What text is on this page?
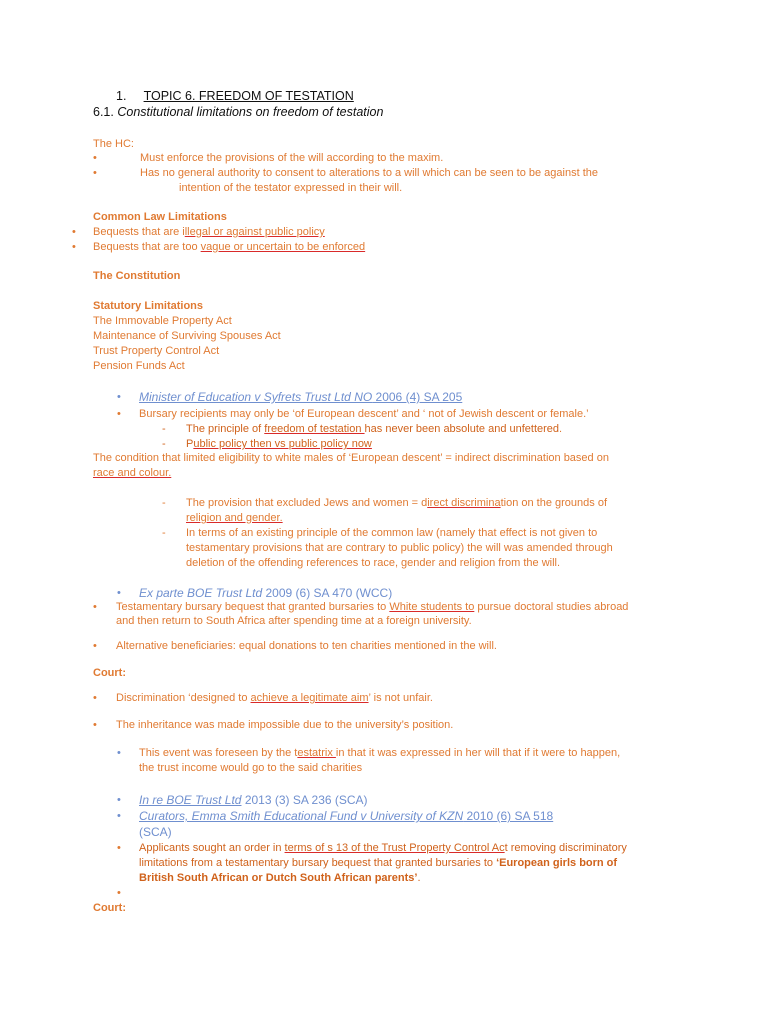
1. TOPIC 6. FREEDOM OF TESTATION
6.1. Constitutional limitations on freedom of testation
The HC:
•	Must enforce the provisions of the will according to the maxim.
•	Has no general authority to consent to alterations to a will which can be seen to be against the
intention of the testator expressed in their will.
Common Law Limitations
• Bequests that are illegal or against public policy
• Bequests that are too vague or uncertain to be enforced
The Constitution
Statutory Limitations
The Immovable Property Act
Maintenance of Surviving Spouses Act
Trust Property Control Act
Pension Funds Act
• Minister of Education v Syfrets Trust Ltd NO 2006 (4) SA 205
• Bursary recipients may only be ‘of European descent’ and ‘ not of Jewish descent or female.’
- The principle of freedom of testation has never been absolute and unfettered.
- Public policy then vs public policy now
The condition that limited eligibility to white males of ‘European descent’ = indirect discrimination based on
race and colour.
- The provision that excluded Jews and women = direct discrimination on the grounds of
religion and gender.
- In terms of an existing principle of the common law (namely that effect is not given to
testamentary provisions that are contrary to public policy) the will was amended through
deletion of the offending references to race, gender and religion from the will.
• Ex parte BOE Trust Ltd 2009 (6) SA 470 (WCC)
• Testamentary bursary bequest that granted bursaries to White students to pursue doctoral studies abroad
and then return to South Africa after spending time at a foreign university.
• Alternative beneficiaries: equal donations to ten charities mentioned in the will.
Court:
• Discrimination ‘designed to achieve a legitimate aim’ is not unfair.
• The inheritance was made impossible due to the university’s position.
• This event was foreseen by the testatrix in that it was expressed in her will that if it were to happen,
the trust income would go to the said charities
• In re BOE Trust Ltd 2013 (3) SA 236 (SCA)
• Curators, Emma Smith Educational Fund v University of KZN 2010 (6) SA 518
(SCA)
• Applicants sought an order in terms of s 13 of the Trust Property Control Act removing discriminatory
limitations from a testamentary bursary bequest that granted bursaries to ‘European girls born of
British South African or Dutch South African parents’.
•
Court:
